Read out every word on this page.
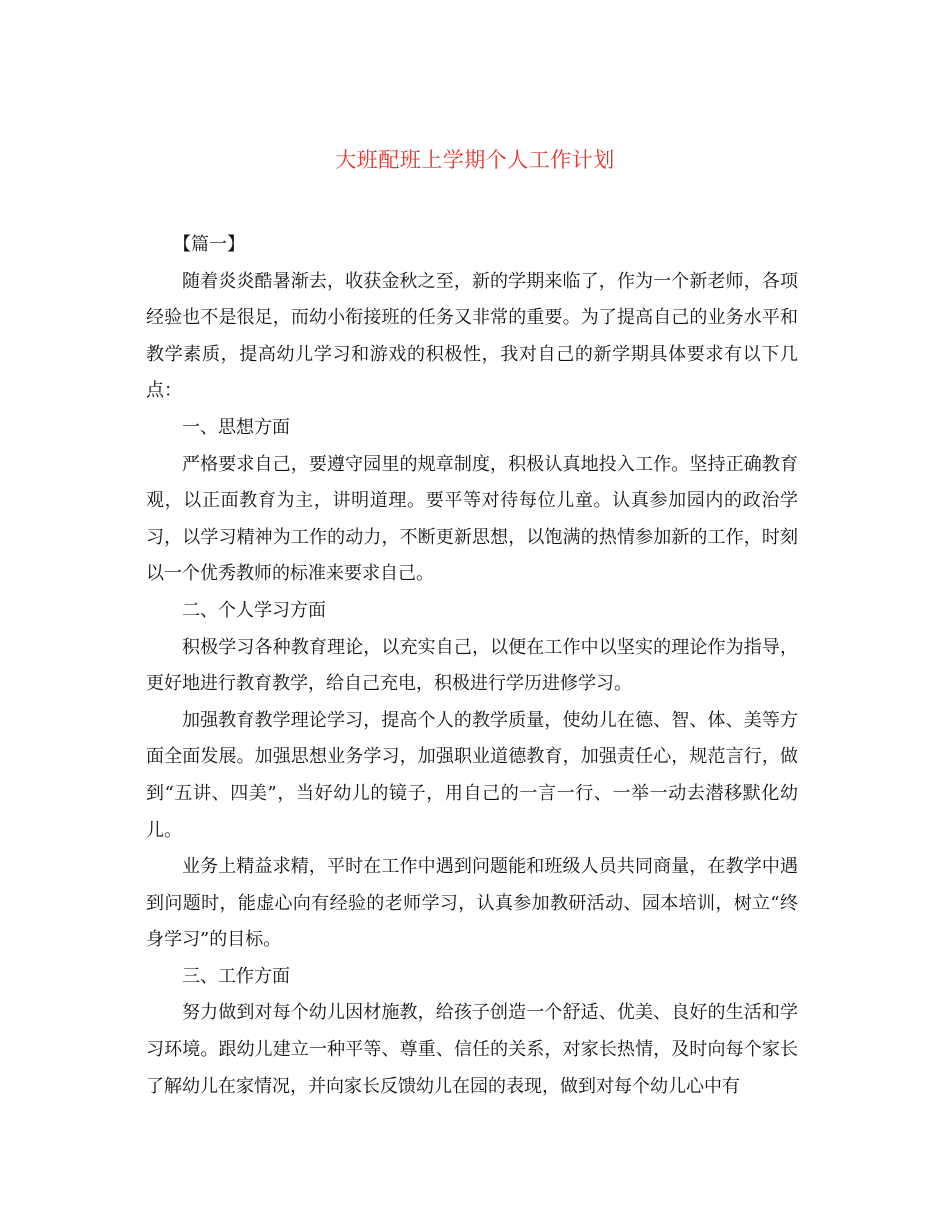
大班配班上学期个人工作计划

【篇一】

随着炎炎酷暑渐去，收获金秋之至，新的学期来临了，作为一个新老师，各项经验也不是很足，而幼小衔接班的任务又非常的重要。为了提高自己的业务水平和教学素质，提高幼儿学习和游戏的积极性，我对自己的新学期具体要求有以下几点：

一、思想方面

严格要求自己，要遵守园里的规章制度，积极认真地投入工作。坚持正确教育观，以正面教育为主，讲明道理。要平等对待每位儿童。认真参加园内的政治学习，以学习精神为工作的动力，不断更新思想，以饱满的热情参加新的工作，时刻以一个优秀教师的标准来要求自己。

二、个人学习方面

积极学习各种教育理论，以充实自己，以便在工作中以坚实的理论作为指导，更好地进行教育教学，给自己充电，积极进行学历进修学习。

加强教育教学理论学习，提高个人的教学质量，使幼儿在德、智、体、美等方面全面发展。加强思想业务学习，加强职业道德教育，加强责任心，规范言行，做到“五讲、四美”，当好幼儿的镜子，用自己的一言一行、一举一动去潜移默化幼儿。

业务上精益求精，平时在工作中遇到问题能和班级人员共同商量，在教学中遇到问题时，能虚心向有经验的老师学习，认真参加教研活动、园本培训，树立“终身学习”的目标。

三、工作方面

努力做到对每个幼儿因材施教，给孩子创造一个舒适、优美、良好的生活和学习环境。跟幼儿建立一种平等、尊重、信任的关系，对家长热情，及时向每个家长了解幼儿在家情况，并向家长反馈幼儿在园的表现，做到对每个幼儿心中有
